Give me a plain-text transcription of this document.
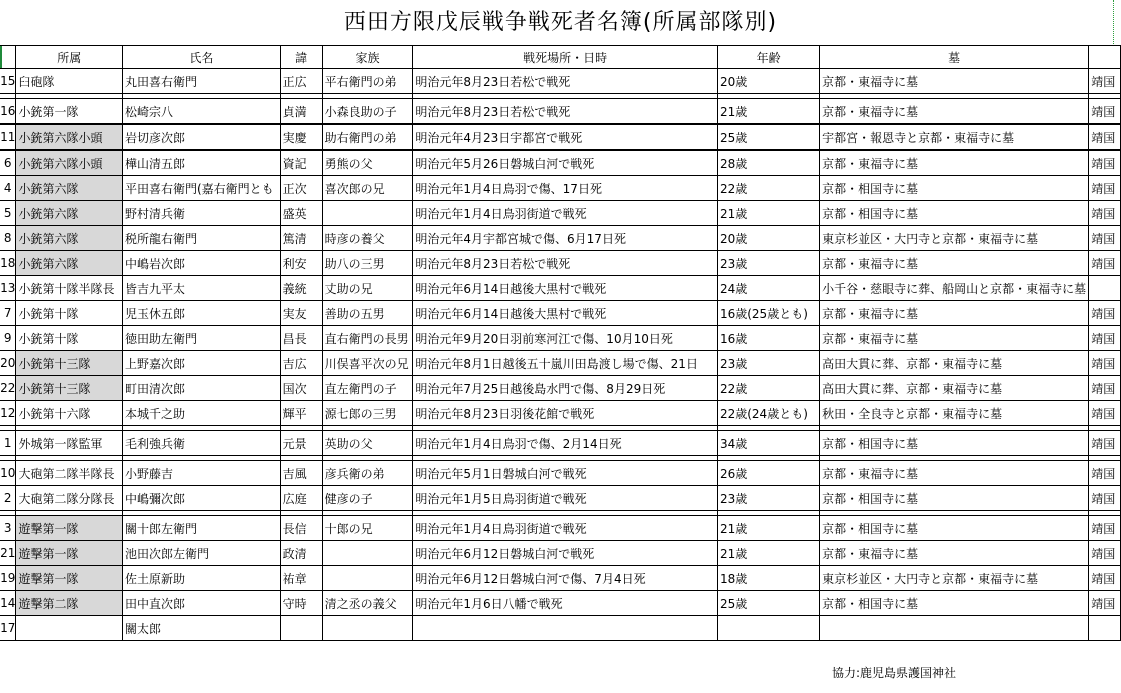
西田方限戊辰戦争戦死者名簿(所属部隊別)
	所属	氏名	諱	家族	戦死場所・日時	年齢	墓	
15	臼砲隊	丸田喜右衛門	正広	平右衛門の弟	明治元年8月23日若松で戦死	20歳	京都・東福寺に墓	靖国

16	小銃第一隊	松崎宗八	貞満	小森良助の子	明治元年8月23日若松で戦死	21歳	京都・東福寺に墓	靖国
11	小銃第六隊小頭	岩切彦次郎	実慶	助右衛門の弟	明治元年4月23日宇都宮で戦死	25歳	宇都宮・報恩寺と京都・東福寺に墓	靖国
6	小銃第六隊小頭	樺山清五郎	資記	勇熊の父	明治元年5月26日磐城白河で戦死	28歳	京都・東福寺に墓	靖国
4	小銃第六隊	平田喜右衛門(嘉右衛門とも	正次	喜次郎の兄	明治元年1月4日鳥羽で傷、17日死	22歳	京都・相国寺に墓	靖国
5	小銃第六隊	野村清兵衛	盛英		明治元年1月4日鳥羽街道で戦死	21歳	京都・相国寺に墓	靖国
8	小銃第六隊	税所龍右衛門	篤清	時彦の養父	明治元年4月宇都宮城で傷、6月17日死	20歳	東京杉並区・大円寺と京都・東福寺に墓	靖国
18	小銃第六隊	中嶋岩次郎	利安	助八の三男	明治元年8月23日若松で戦死	23歳	京都・東福寺に墓	靖国
13	小銃第十隊半隊長	皆吉九平太	義統	丈助の兄	明治元年6月14日越後大黒村で戦死	24歳	小千谷・慈眼寺に葬、船岡山と京都・東福寺に墓	
7	小銃第十隊	児玉休五郎	実友	善助の五男	明治元年6月14日越後大黒村で戦死	16歳(25歳とも)	京都・東福寺に墓	靖国
9	小銃第十隊	徳田助左衛門	昌長	直右衛門の長男	明治元年9月20日羽前寒河江で傷、10月10日死	16歳	京都・東福寺に墓	靖国
20	小銃第十三隊	上野嘉次郎	吉広	川俣喜平次の兄	明治元年8月1日越後五十嵐川田島渡し場で傷、21日	23歳	高田大貫に葬、京都・東福寺に墓	靖国
22	小銃第十三隊	町田清次郎	国次	直左衛門の子	明治元年7月25日越後島水門で傷、8月29日死	22歳	高田大貫に葬、京都・東福寺に墓	靖国
12	小銃第十六隊	本城千之助	輝平	源七郎の三男	明治元年8月23日羽後花館で戦死	22歳(24歳とも)	秋田・全良寺と京都・東福寺に墓	靖国

1	外城第一隊監軍	毛利強兵衛	元景	英助の父	明治元年1月4日鳥羽で傷、2月14日死	34歳	京都・相国寺に墓	靖国

10	大砲第二隊半隊長	小野藤吉	吉風	彦兵衛の弟	明治元年5月1日磐城白河で戦死	26歳	京都・東福寺に墓	靖国
2	大砲第二隊分隊長	中嶋彌次郎	広庭	健彦の子	明治元年1月5日鳥羽街道で戦死	23歳	京都・相国寺に墓	靖国

3	遊撃第一隊	關十郎左衛門	長信	十郎の兄	明治元年1月4日鳥羽街道で戦死	21歳	京都・相国寺に墓	靖国
21	遊撃第一隊	池田次郎左衛門	政清		明治元年6月12日磐城白河で戦死	21歳	京都・東福寺に墓	靖国
19	遊撃第一隊	佐土原新助	祐章		明治元年6月12日磐城白河で傷、7月4日死	18歳	東京杉並区・大円寺と京都・東福寺に墓	靖国
14	遊撃第二隊	田中直次郎	守時	清之丞の義父	明治元年1月6日八幡で戦死	25歳	京都・相国寺に墓	靖国
17		關太郎						
協力:鹿児島県護国神社
